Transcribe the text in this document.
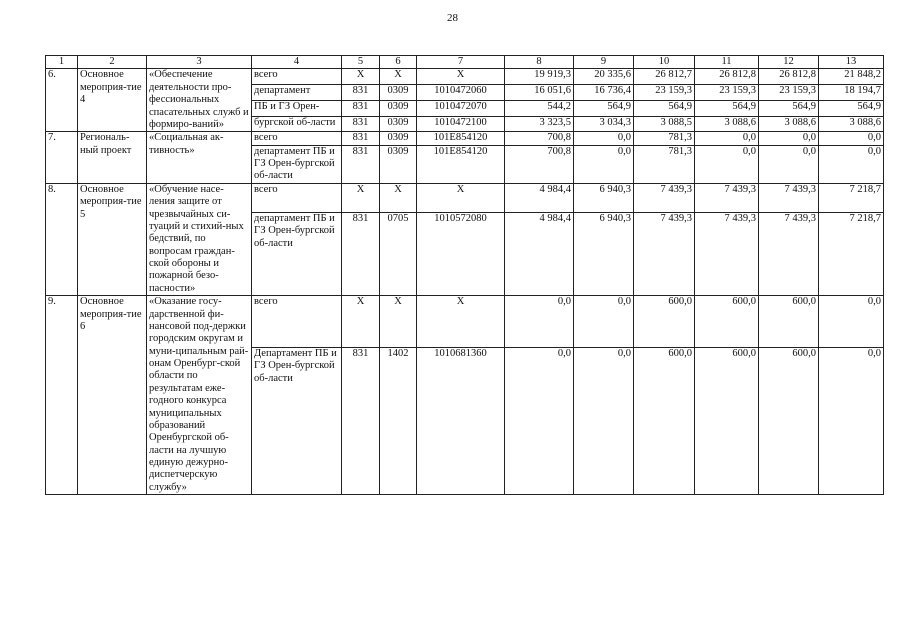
28
1	2	3	4	5	6	7	8	9	10	11	12	13
6.	Основное мероприя-тие 4	«Обеспечение деятельности про-фессиональных спасательных служб и формиро-ваний»	всего	X	X	X	19 919,3	20 335,6	26 812,7	26 812,8	26 812,8	21 848,2
			департамент	831	0309	1010472060	16 051,6	16 736,4	23 159,3	23 159,3	23 159,3	18 194,7
			ПБ и ГЗ Орен-	831	0309	1010472070	544,2	564,9	564,9	564,9	564,9	564,9
			бургской об-ласти	831	0309	1010472100	3 323,5	3 034,3	3 088,5	3 088,6	3 088,6	3 088,6
7.	Региональ-ный проект	«Социальная ак-тивность»	всего	831	0309	101E854120	700,8	0,0	781,3	0,0	0,0	0,0
			департамент ПБ и ГЗ Орен-бургской об-ласти	831	0309	101E854120	700,8	0,0	781,3	0,0	0,0	0,0
8.	Основное мероприя-тие 5	«Обучение насе-ления защите от чрезвычайных си-туаций и стихий-ных бедствий, по вопросам граждан-ской обороны и пожарной безо-пасности»	всего	X	X	X	4 984,4	6 940,3	7 439,3	7 439,3	7 439,3	7 218,7
			департамент ПБ и ГЗ Орен-бургской об-ласти	831	0705	1010572080	4 984,4	6 940,3	7 439,3	7 439,3	7 439,3	7 218,7
9.	Основное мероприя-тие 6	«Оказание госу-дарственной фи-нансовой под-держки городским округам и муни-ципальным рай-онам Оренбург-ской области по результатам еже-годного конкурса муниципальных образований Оренбургской об-ласти на лучшую единую дежурно-диспетчерскую службу»	всего	X	X	X	0,0	0,0	600,0	600,0	600,0	0,0
			Департамент ПБ и ГЗ Орен-бургской об-ласти	831	1402	1010681360	0,0	0,0	600,0	600,0	600,0	0,0
